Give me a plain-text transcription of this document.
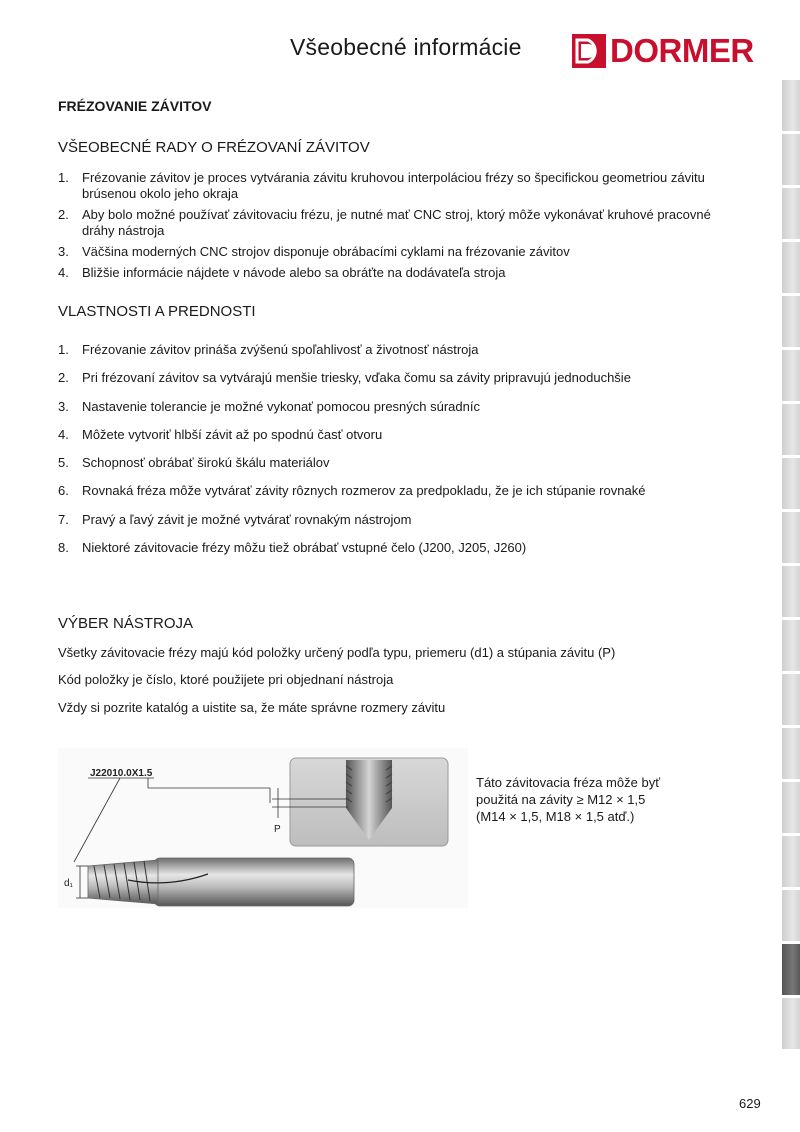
Všeobecné informácie	DORMER
FRÉZOVANIE ZÁVITOV
VŠEOBECNÉ RADY O FRÉZOVANÍ ZÁVITOV
1. Frézovanie závitov je proces vytvárania závitu kruhovou interpoláciou frézy so špecifickou geometriou závitu
brúsenou okolo jeho okraja
2. Aby bolo možné používať závitovaciu frézu, je nutné mať CNC stroj, ktorý môže vykonávať kruhové pracovné
dráhy nástroja
3. Väčšina moderných CNC strojov disponuje obrábacími cyklami na frézovanie závitov
4. Bližšie informácie nájdete v návode alebo sa obráťte na dodávateľa stroja
VLASTNOSTI A PREDNOSTI
1. Frézovanie závitov prináša zvýšenú spoľahlivosť a životnosť nástroja
2. Pri frézovaní závitov sa vytvárajú menšie triesky, vďaka čomu sa závity pripravujú jednoduchšie
3. Nastavenie tolerancie je možné vykonať pomocou presných súradníc
4. Môžete vytvoriť hlbší závit až po spodnú časť otvoru
5. Schopnosť obrábať širokú škálu materiálov
6. Rovnaká fréza môže vytvárať závity rôznych rozmerov za predpokladu, že je ich stúpanie rovnaké
7. Pravý a ľavý závit je možné vytvárať rovnakým nástrojom
8. Niektoré závitovacie frézy môžu tiež obrábať vstupné čelo (J200, J205, J260)
VÝBER NÁSTROJA
Všetky závitovacie frézy majú kód položky určený podľa typu, priemeru (d1) a stúpania závitu (P)
Kód položky je číslo, ktoré použijete pri objednaní nástroja
Vždy si pozrite katalóg a uistite sa, že máte správne rozmery závitu
P
J22010.0X1.5
d₁
Táto závitovacia fréza môže byť
použitá na závity ≥ M12 × 1,5
(M14 × 1,5, M18 × 1,5 atď.)
629
